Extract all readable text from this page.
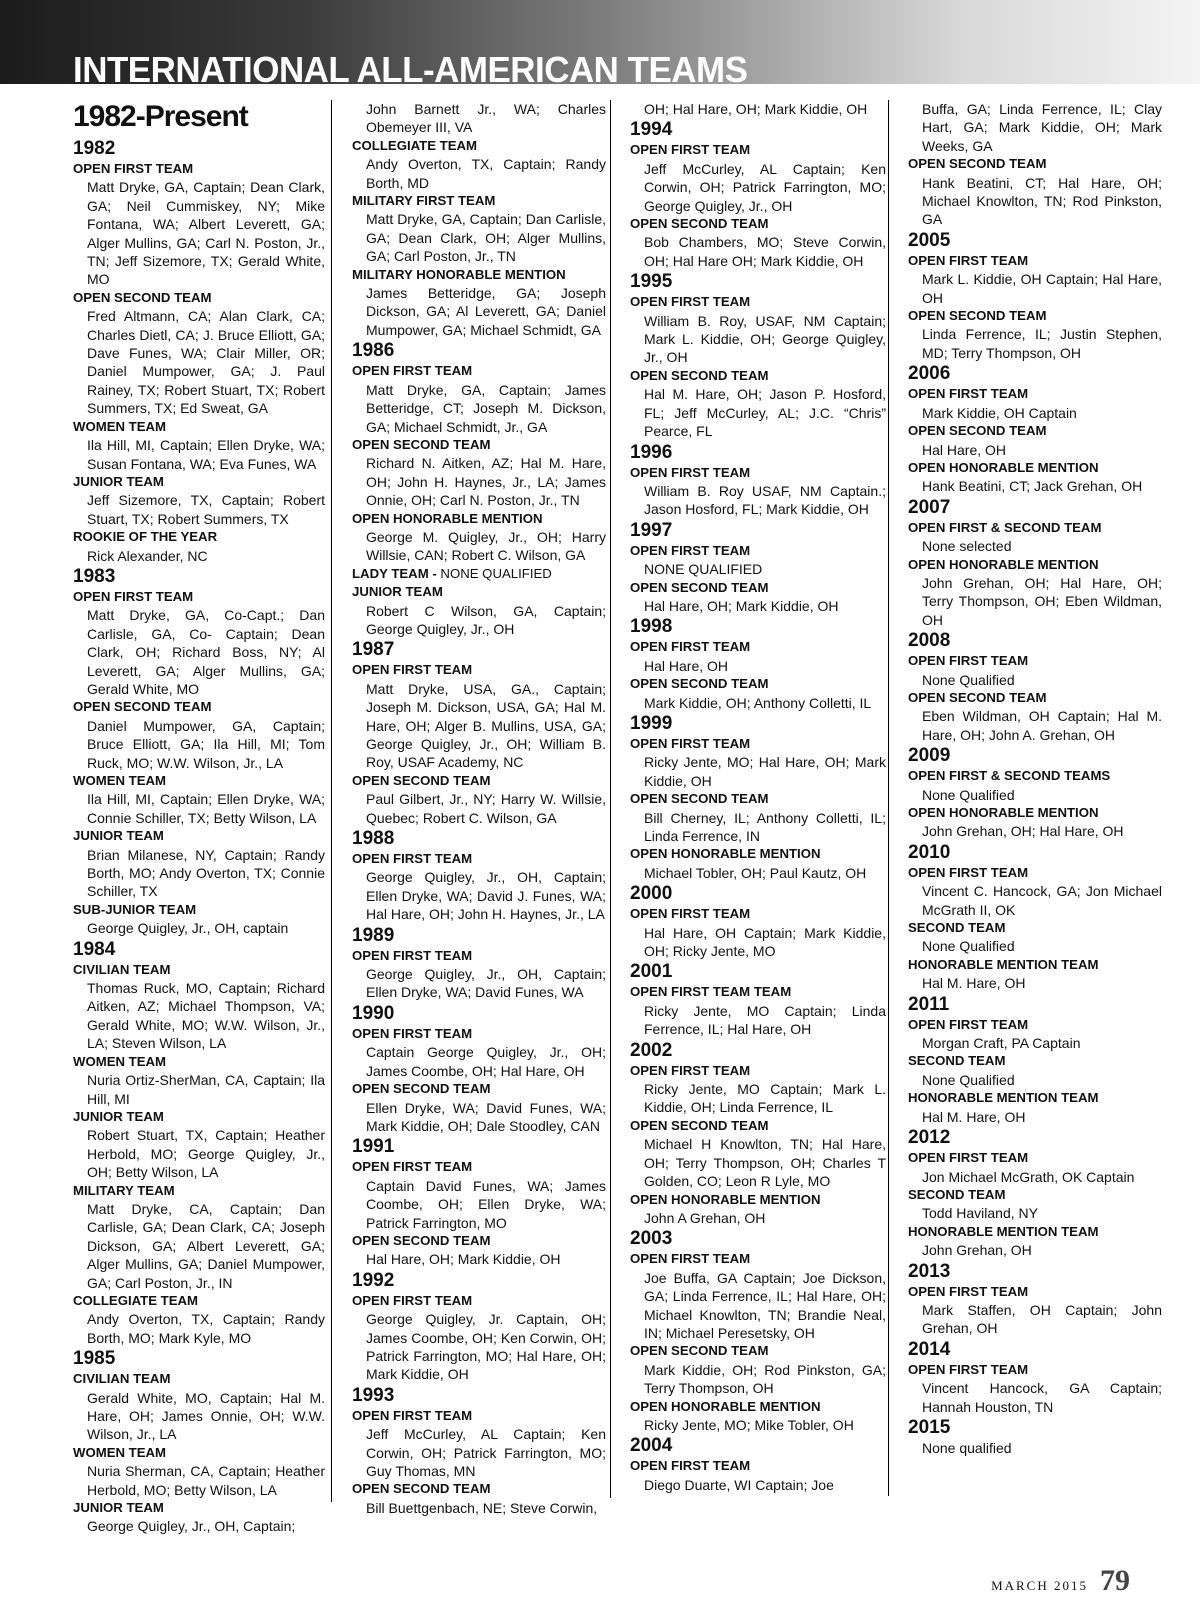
INTERNATIONAL ALL-AMERICAN TEAMS
1982-Present
1982
OPEN FIRST TEAM
Matt Dryke, GA, Captain; Dean Clark, GA; Neil Cummiskey, NY; Mike Fontana, WA; Albert Leverett, GA; Alger Mullins, GA; Carl N. Poston, Jr., TN; Jeff Sizemore, TX; Gerald White, MO
OPEN SECOND TEAM
Fred Altmann, CA; Alan Clark, CA; Charles Dietl, CA; J. Bruce Elliott, GA; Dave Funes, WA; Clair Miller, OR; Daniel Mumpower, GA; J. Paul Rainey, TX; Robert Stuart, TX; Robert Summers, TX; Ed Sweat, GA
WOMEN TEAM
Ila Hill, MI, Captain; Ellen Dryke, WA; Susan Fontana, WA; Eva Funes, WA
JUNIOR TEAM
Jeff Sizemore, TX, Captain; Robert Stuart, TX; Robert Summers, TX
ROOKIE OF THE YEAR
Rick Alexander, NC
1983
OPEN FIRST TEAM
Matt Dryke, GA, Co-Capt.; Dan Carlisle, GA, Co- Captain; Dean Clark, OH; Richard Boss, NY; Al Leverett, GA; Alger Mullins, GA; Gerald White, MO
OPEN SECOND TEAM
Daniel Mumpower, GA, Captain; Bruce Elliott, GA; Ila Hill, MI; Tom Ruck, MO; W.W. Wilson, Jr., LA
WOMEN TEAM
Ila Hill, MI, Captain; Ellen Dryke, WA; Connie Schiller, TX; Betty Wilson, LA
JUNIOR TEAM
Brian Milanese, NY, Captain; Randy Borth, MO; Andy Overton, TX; Connie Schiller, TX
SUB-JUNIOR TEAM
George Quigley, Jr., OH, captain
1984
CIVILIAN TEAM
Thomas Ruck, MO, Captain; Richard Aitken, AZ; Michael Thompson, VA; Gerald White, MO; W.W. Wilson, Jr., LA; Steven Wilson, LA
WOMEN TEAM
Nuria Ortiz-SherMan, CA, Captain; Ila Hill, MI
JUNIOR TEAM
Robert Stuart, TX, Captain; Heather Herbold, MO; George Quigley, Jr., OH; Betty Wilson, LA
MILITARY TEAM
Matt Dryke, CA, Captain; Dan Carlisle, GA; Dean Clark, CA; Joseph Dickson, GA; Albert Leverett, GA; Alger Mullins, GA; Daniel Mumpower, GA; Carl Poston, Jr., IN
COLLEGIATE TEAM
Andy Overton, TX, Captain; Randy Borth, MO; Mark Kyle, MO
1985
CIVILIAN TEAM
Gerald White, MO, Captain; Hal M. Hare, OH; James Onnie, OH; W.W. Wilson, Jr., LA
WOMEN TEAM
Nuria Sherman, CA, Captain; Heather Herbold, MO; Betty Wilson, LA
JUNIOR TEAM
George Quigley, Jr., OH, Captain;
John Barnett Jr., WA; Charles Obemeyer III, VA
COLLEGIATE TEAM
Andy Overton, TX, Captain; Randy Borth, MD
MILITARY FIRST TEAM
Matt Dryke, GA, Captain; Dan Carlisle, GA; Dean Clark, OH; Alger Mullins, GA; Carl Poston, Jr., TN
MILITARY HONORABLE MENTION
James Betteridge, GA; Joseph Dickson, GA; Al Leverett, GA; Daniel Mumpower, GA; Michael Schmidt, GA
1986
OPEN FIRST TEAM
Matt Dryke, GA, Captain; James Betteridge, CT; Joseph M. Dickson, GA; Michael Schmidt, Jr., GA
OPEN SECOND TEAM
Richard N. Aitken, AZ; Hal M. Hare, OH; John H. Haynes, Jr., LA; James Onnie, OH; Carl N. Poston, Jr., TN
OPEN HONORABLE MENTION
George M. Quigley, Jr., OH; Harry Willsie, CAN; Robert C. Wilson, GA
LADY TEAM - NONE QUALIFIED
JUNIOR TEAM
Robert C Wilson, GA, Captain; George Quigley, Jr., OH
1987
OPEN FIRST TEAM
Matt Dryke, USA, GA., Captain; Joseph M. Dickson, USA, GA; Hal M. Hare, OH; Alger B. Mullins, USA, GA; George Quigley, Jr., OH; William B. Roy, USAF Academy, NC
OPEN SECOND TEAM
Paul Gilbert, Jr., NY; Harry W. Willsie, Quebec; Robert C. Wilson, GA
1988
OPEN FIRST TEAM
George Quigley, Jr., OH, Captain; Ellen Dryke, WA; David J. Funes, WA; Hal Hare, OH; John H. Haynes, Jr., LA
1989
OPEN FIRST TEAM
George Quigley, Jr., OH, Captain; Ellen Dryke, WA; David Funes, WA
1990
OPEN FIRST TEAM
Captain George Quigley, Jr., OH; James Coombe, OH; Hal Hare, OH
OPEN SECOND TEAM
Ellen Dryke, WA; David Funes, WA; Mark Kiddie, OH; Dale Stoodley, CAN
1991
OPEN FIRST TEAM
Captain David Funes, WA; James Coombe, OH; Ellen Dryke, WA; Patrick Farrington, MO
OPEN SECOND TEAM
Hal Hare, OH; Mark Kiddie, OH
1992
OPEN FIRST TEAM
George Quigley, Jr. Captain, OH; James Coombe, OH; Ken Corwin, OH; Patrick Farrington, MO; Hal Hare, OH; Mark Kiddie, OH
1993
OPEN FIRST TEAM
Jeff McCurley, AL Captain; Ken Corwin, OH; Patrick Farrington, MO; Guy Thomas, MN
OPEN SECOND TEAM
Bill Buettgenbach, NE; Steve Corwin,
OH; Hal Hare, OH; Mark Kiddie, OH
1994
OPEN FIRST TEAM
Jeff McCurley, AL Captain; Ken Corwin, OH; Patrick Farrington, MO; George Quigley, Jr., OH
OPEN SECOND TEAM
Bob Chambers, MO; Steve Corwin, OH; Hal Hare OH; Mark Kiddie, OH
1995
OPEN FIRST TEAM
William B. Roy, USAF, NM Captain; Mark L. Kiddie, OH; George Quigley, Jr., OH
OPEN SECOND TEAM
Hal M. Hare, OH; Jason P. Hosford, FL; Jeff McCurley, AL; J.C. “Chris” Pearce, FL
1996
OPEN FIRST TEAM
William B. Roy USAF, NM Captain.; Jason Hosford, FL; Mark Kiddie, OH
1997
OPEN FIRST TEAM
NONE QUALIFIED
OPEN SECOND TEAM
Hal Hare, OH; Mark Kiddie, OH
1998
OPEN FIRST TEAM
Hal Hare, OH
OPEN SECOND TEAM
Mark Kiddie, OH; Anthony Colletti, IL
1999
OPEN FIRST TEAM
Ricky Jente, MO; Hal Hare, OH; Mark Kiddie, OH
OPEN SECOND TEAM
Bill Cherney, IL; Anthony Colletti, IL; Linda Ferrence, IN
OPEN HONORABLE MENTION
Michael Tobler, OH; Paul Kautz, OH
2000
OPEN FIRST TEAM
Hal Hare, OH Captain; Mark Kiddie, OH; Ricky Jente, MO
2001
OPEN FIRST TEAM TEAM
Ricky Jente, MO Captain; Linda Ferrence, IL; Hal Hare, OH
2002
OPEN FIRST TEAM
Ricky Jente, MO Captain; Mark L. Kiddie, OH; Linda Ferrence, IL
OPEN SECOND TEAM
Michael H Knowlton, TN; Hal Hare, OH; Terry Thompson, OH; Charles T Golden, CO; Leon R Lyle, MO
OPEN HONORABLE MENTION
John A Grehan, OH
2003
OPEN FIRST TEAM
Joe Buffa, GA Captain; Joe Dickson, GA; Linda Ferrence, IL; Hal Hare, OH; Michael Knowlton, TN; Brandie Neal, IN; Michael Peresetsky, OH
OPEN SECOND TEAM
Mark Kiddie, OH; Rod Pinkston, GA; Terry Thompson, OH
OPEN HONORABLE MENTION
Ricky Jente, MO; Mike Tobler, OH
2004
OPEN FIRST TEAM
Diego Duarte, WI Captain; Joe
Buffa, GA; Linda Ferrence, IL; Clay Hart, GA; Mark Kiddie, OH; Mark Weeks, GA
OPEN SECOND TEAM
Hank Beatini, CT; Hal Hare, OH; Michael Knowlton, TN; Rod Pinkston, GA
2005
OPEN FIRST TEAM
Mark L. Kiddie, OH Captain; Hal Hare, OH
OPEN SECOND TEAM
Linda Ferrence, IL; Justin Stephen, MD; Terry Thompson, OH
2006
OPEN FIRST TEAM
Mark Kiddie, OH Captain
OPEN SECOND TEAM
Hal Hare, OH
OPEN HONORABLE MENTION
Hank Beatini, CT; Jack Grehan, OH
2007
OPEN FIRST & SECOND TEAM
None selected
OPEN HONORABLE MENTION
John Grehan, OH; Hal Hare, OH; Terry Thompson, OH; Eben Wildman, OH
2008
OPEN FIRST TEAM
None Qualified
OPEN SECOND TEAM
Eben Wildman, OH Captain; Hal M. Hare, OH; John A. Grehan, OH
2009
OPEN FIRST & SECOND TEAMS
None Qualified
OPEN HONORABLE MENTION
John Grehan, OH; Hal Hare, OH
2010
OPEN FIRST TEAM
Vincent C. Hancock, GA; Jon Michael McGrath II, OK
SECOND TEAM
None Qualified
HONORABLE MENTION TEAM
Hal M. Hare, OH
2011
OPEN FIRST TEAM
Morgan Craft, PA Captain
SECOND TEAM
None Qualified
HONORABLE MENTION TEAM
Hal M. Hare, OH
2012
OPEN FIRST TEAM
Jon Michael McGrath, OK Captain
SECOND TEAM
Todd Haviland, NY
HONORABLE MENTION TEAM
John Grehan, OH
2013
OPEN FIRST TEAM
Mark Staffen, OH Captain; John Grehan, OH
2014
OPEN FIRST TEAM
Vincent Hancock, GA Captain; Hannah Houston, TN
2015
None qualified
MARCH 2015 79
